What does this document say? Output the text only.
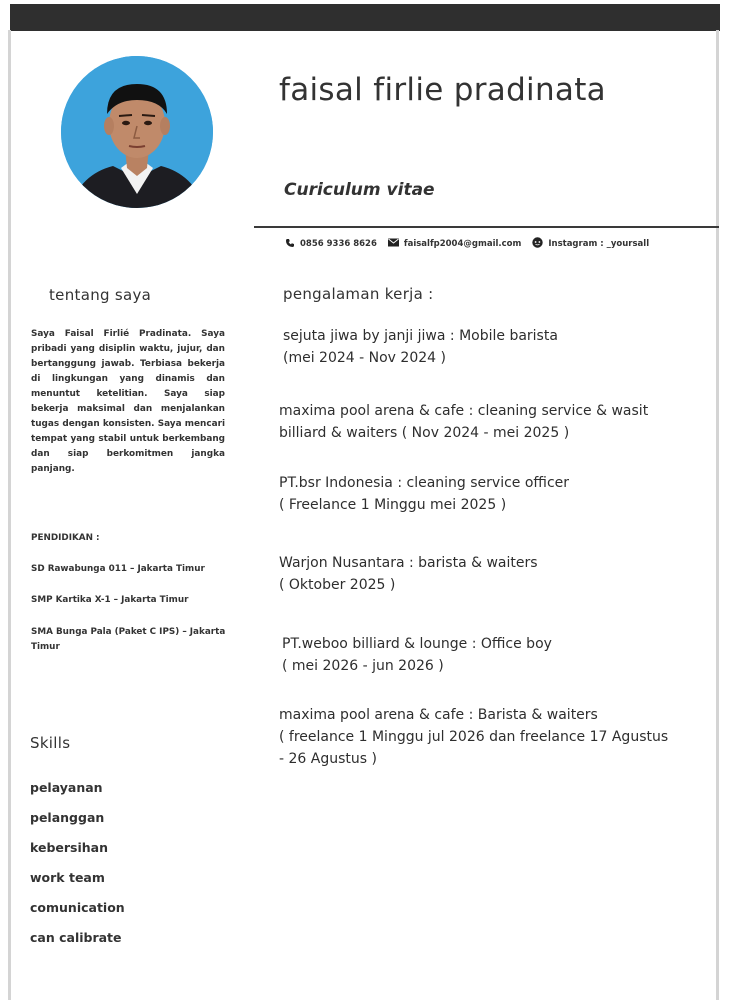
faisal firlie pradinata
Curiculum vitae
0856 9336 8626	faisalfp2004@gmail.com	Instagram : _yoursall
tentang saya
Saya Faisal Firlié Pradinata. Saya pribadi yang disiplin waktu, jujur, dan bertanggung jawab. Terbiasa bekerja di lingkungan yang dinamis dan menuntut ketelitian. Saya siap bekerja maksimal dan menjalankan tugas dengan konsisten. Saya mencari tempat yang stabil untuk berkembang dan siap berkomitmen jangka panjang.
PENDIDIKAN :
SD Rawabunga 011 – Jakarta Timur
SMP Kartika X-1 – Jakarta Timur
SMA Bunga Pala (Paket C IPS) – Jakarta Timur
Skills
pelayanan
pelanggan
kebersihan
work team
comunication
can calibrate
pengalaman kerja :
sejuta jiwa by janji jiwa : Mobile barista
(mei 2024 - Nov 2024 )
maxima pool arena & cafe : cleaning service & wasit
billiard & waiters ( Nov 2024 - mei 2025 )
PT.bsr Indonesia : cleaning service officer
( Freelance 1 Minggu mei 2025 )
Warjon Nusantara : barista & waiters
( Oktober 2025 )
PT.weboo billiard & lounge : Office boy
( mei 2026 - jun 2026 )
maxima pool arena & cafe : Barista & waiters
( freelance 1 Minggu jul 2026 dan freelance 17 Agustus
- 26 Agustus )
